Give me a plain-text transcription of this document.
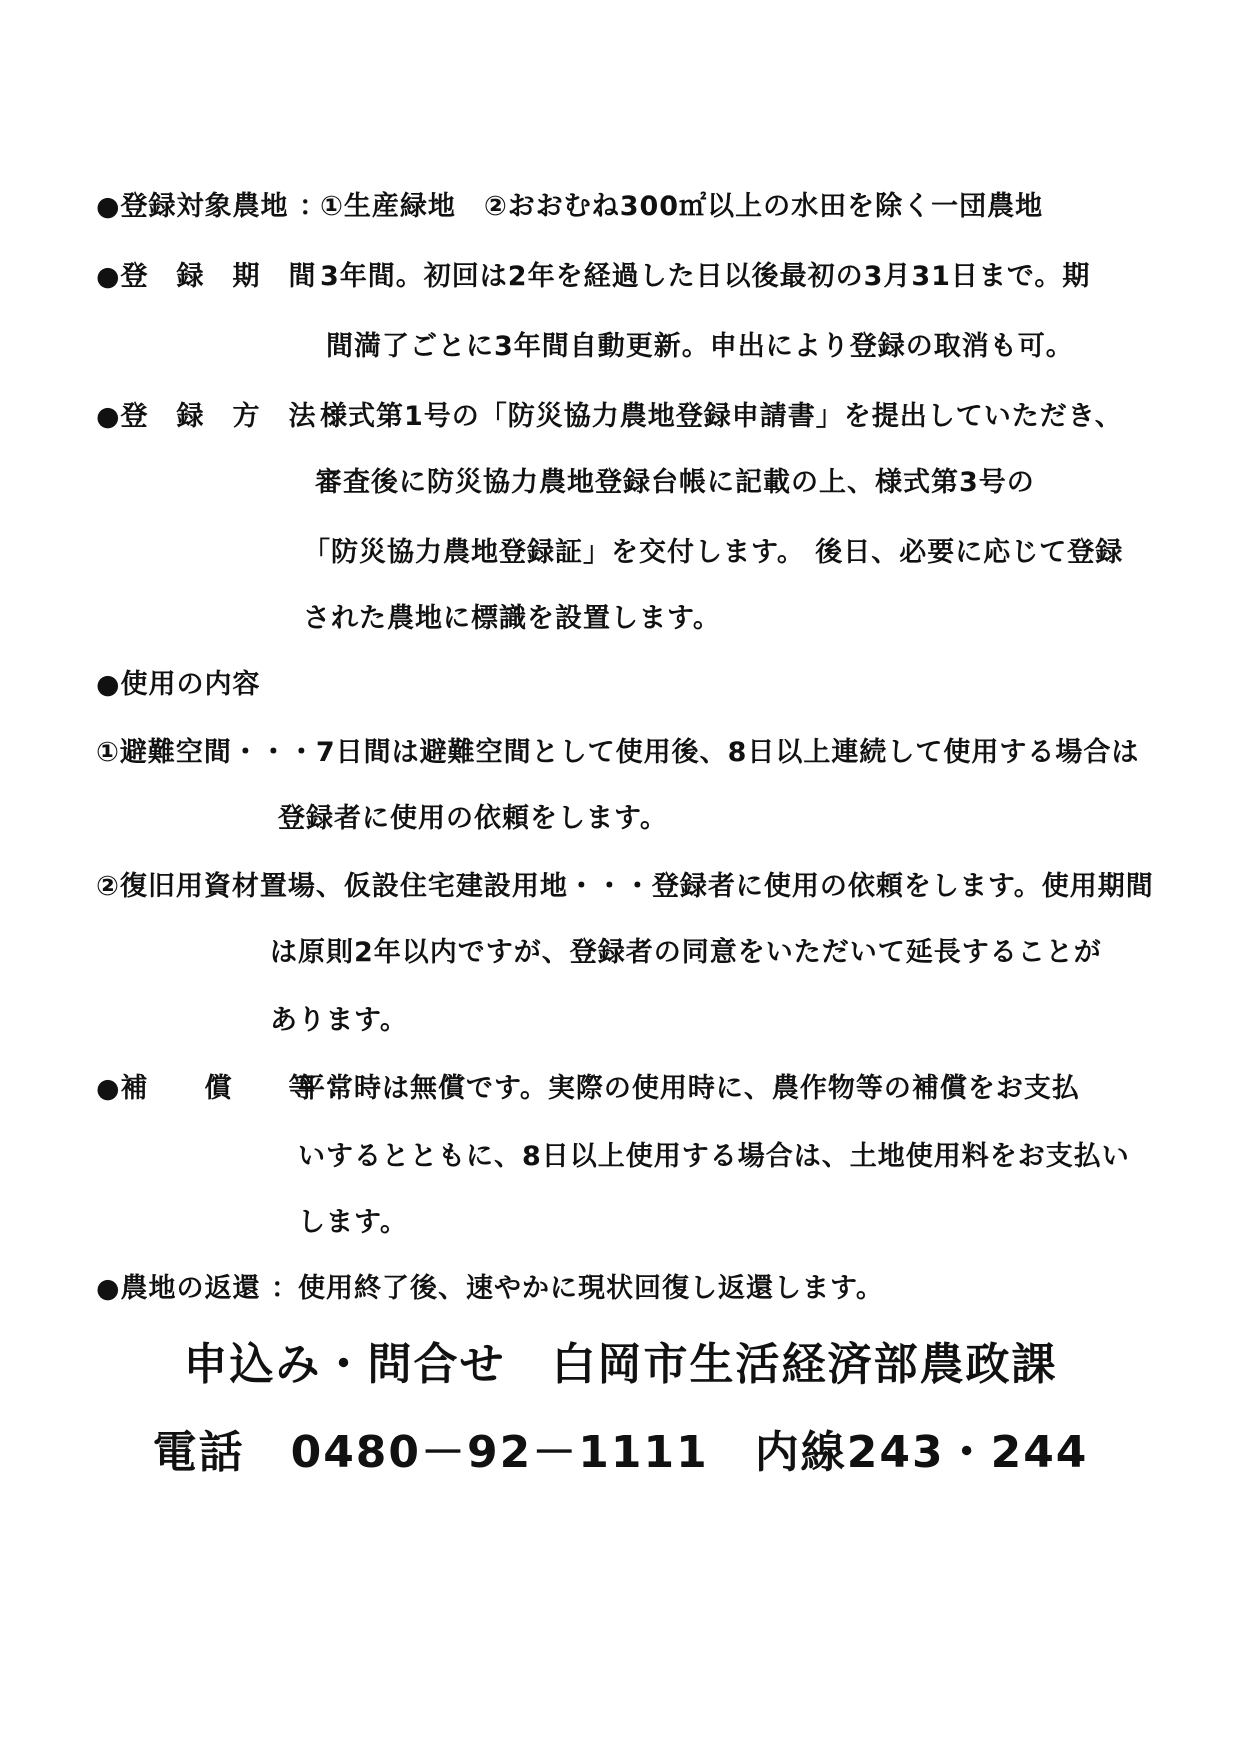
●登録対象農地 ：
①生産緑地　②おおむね300㎡以上の水田を除く一団農地
●登　録　期　間 ：
3年間。初回は2年を経過した日以後最初の3月31日まで。期
間満了ごとに3年間自動更新。申出により登録の取消も可。
●登　録　方　法 ：
様式第1号の「防災協力農地登録申請書」を提出していただき、
審査後に防災協力農地登録台帳に記載の上、様式第3号の
「防災協力農地登録証」を交付します。 後日、必要に応じて登録
された農地に標識を設置します。
●使用の内容
①避難空間・・・7日間は避難空間として使用後、8日以上連続して使用する場合は
登録者に使用の依頼をします。
②復旧用資材置場、仮設住宅建設用地・・・登録者に使用の依頼をします。使用期間
は原則2年以内ですが、登録者の同意をいただいて延長することが
あります。
●補　　償　　等 ：
平常時は無償です。実際の使用時に、農作物等の補償をお支払
いするとともに、8日以上使用する場合は、土地使用料をお支払い
します。
●農地の返還 ： 使用終了後、速やかに現状回復し返還します。
申込み・問合せ　白岡市生活経済部農政課
電話　0480－92－1111　内線243・244
